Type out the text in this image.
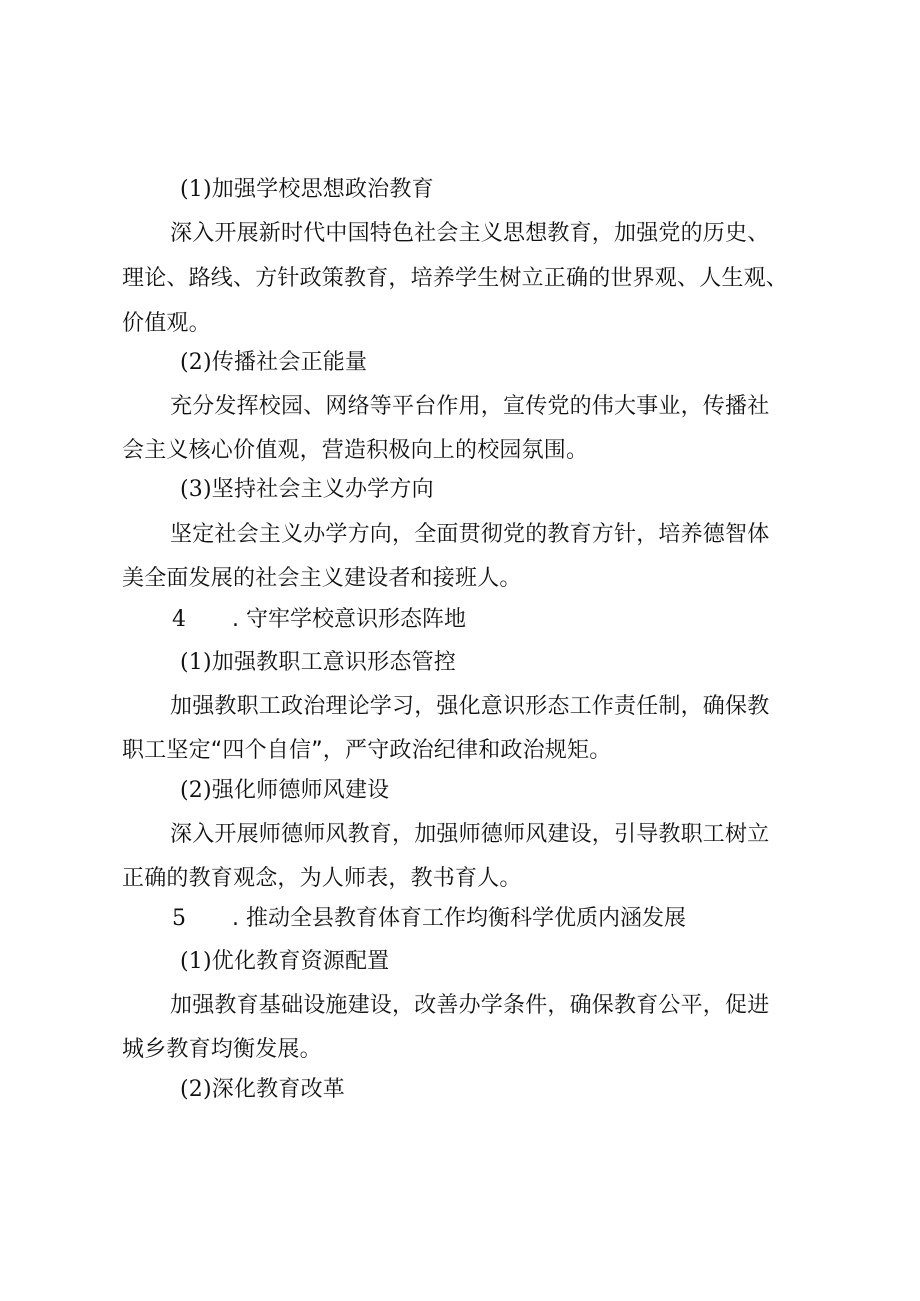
(1)加强学校思想政治教育
深入开展新时代中国特色社会主义思想教育，加强党的历史、
理论、路线、方针政策教育，培养学生树立正确的世界观、人生观、
价值观。
(2)传播社会正能量
充分发挥校园、网络等平台作用，宣传党的伟大事业，传播社
会主义核心价值观，营造积极向上的校园氛围。
(3)坚持社会主义办学方向
坚定社会主义办学方向，全面贯彻党的教育方针，培养德智体
美全面发展的社会主义建设者和接班人。
4 . 守牢学校意识形态阵地
(1)加强教职工意识形态管控
加强教职工政治理论学习，强化意识形态工作责任制，确保教
职工坚定“四个自信”，严守政治纪律和政治规矩。
(2)强化师德师风建设
深入开展师德师风教育，加强师德师风建设，引导教职工树立
正确的教育观念，为人师表，教书育人。
5 . 推动全县教育体育工作均衡科学优质内涵发展
(1)优化教育资源配置
加强教育基础设施建设，改善办学条件，确保教育公平，促进
城乡教育均衡发展。
(2)深化教育改革
